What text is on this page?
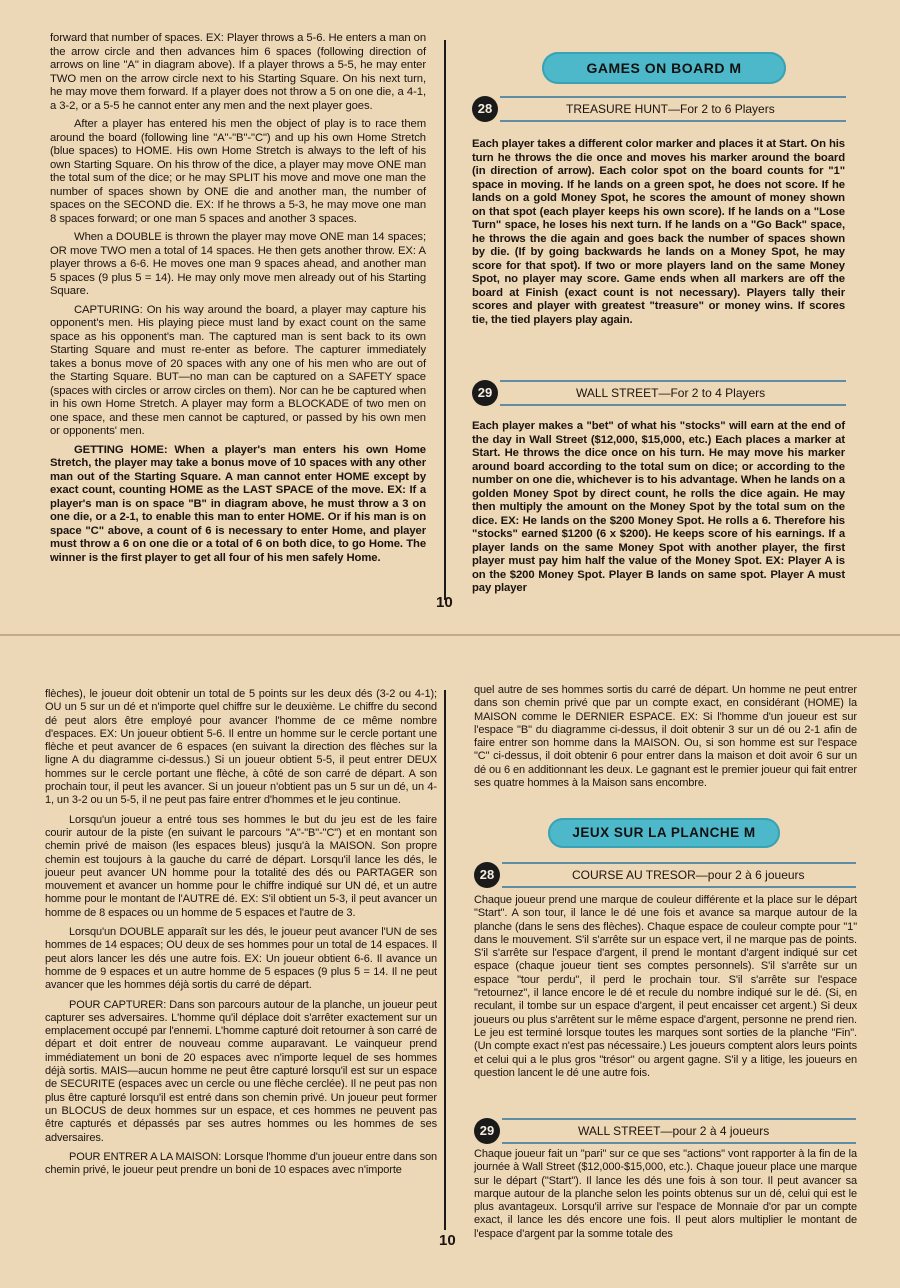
forward that number of spaces. EX: Player throws a 5-6. He enters a man on the arrow circle and then advances him 6 spaces (following direction of arrows on line "A" in diagram above). If a player throws a 5-5, he may enter TWO men on the arrow circle next to his Starting Square. On his next turn, he may move them forward. If a player does not throw a 5 on one die, a 4-1, a 3-2, or a 5-5 he cannot enter any men and the next player goes.

After a player has entered his men the object of play is to race them around the board (following line "A"-"B"-"C") and up his own Home Stretch (blue spaces) to HOME. His own Home Stretch is always to the left of his own Starting Square. On his throw of the dice, a player may move ONE man the total sum of the dice; or he may SPLIT his move and move one man the number of spaces shown by ONE die and another man, the number of spaces on the SECOND die. EX: If he throws a 5-3, he may move one man 8 spaces forward; or one man 5 spaces and another 3 spaces.

When a DOUBLE is thrown the player may move ONE man 14 spaces; OR move TWO men a total of 14 spaces. He then gets another throw. EX: A player throws a 6-6. He moves one man 9 spaces ahead, and another man 5 spaces (9 plus 5 = 14). He may only move men already out of his Starting Square.

CAPTURING: On his way around the board, a player may capture his opponent's men. His playing piece must land by exact count on the same space as his opponent's man. The captured man is sent back to its own Starting Square and must re-enter as before. The capturer immediately takes a bonus move of 20 spaces with any one of his men who are out of the Starting Square. BUT—no man can be captured on a SAFETY space (spaces with circles or arrow circles on them). Nor can he be captured when in his own Home Stretch. A player may form a BLOCKADE of two men on one space, and these men cannot be captured, or passed by his own men or opponents' men.

GETTING HOME: When a player's man enters his own Home Stretch, the player may take a bonus move of 10 spaces with any other man out of the Starting Square. A man cannot enter HOME except by exact count, counting HOME as the LAST SPACE of the move. EX: If a player's man is on space "B" in diagram above, he must throw a 3 on one die, or a 2-1, to enable this man to enter HOME. Or if his man is on space "C" above, a count of 6 is necessary to enter Home, and player must throw a 6 on one die or a total of 6 on both dice, to go Home. The winner is the first player to get all four of his men safely Home.

10
GAMES ON BOARD M
28	TREASURE HUNT—For 2 to 6 Players

Each player takes a different color marker and places it at Start. On his turn he throws the die once and moves his marker around the board (in direction of arrow). Each color spot on the board counts for "1" space in moving. If he lands on a green spot, he does not score. If he lands on a gold Money Spot, he scores the amount of money shown on that spot (each player keeps his own score). If he lands on a "Lose Turn" space, he loses his next turn. If he lands on a "Go Back" space, he throws the die again and goes back the number of spaces shown by die. (If by going backwards he lands on a Money Spot, he may score for that spot). If two or more players land on the same Money Spot, no player may score. Game ends when all markers are off the board at Finish (exact count is not necessary). Players tally their scores and player with greatest "treasure" or money wins. If scores tie, the tied players play again.

29	WALL STREET—For 2 to 4 Players

Each player makes a "bet" of what his "stocks" will earn at the end of the day in Wall Street ($12,000, $15,000, etc.) Each places a marker at Start. He throws the dice once on his turn. He may move his marker around board according to the total sum on dice; or according to the number on one die, whichever is to his advantage. When he lands on a golden Money Spot by direct count, he rolls the dice again. He may then multiply the amount on the Money Spot by the total sum on the dice. EX: He lands on the $200 Money Spot. He rolls a 6. Therefore his "stocks" earned $1200 (6 x $200). He keeps score of his earnings. If a player lands on the same Money Spot with another player, the first player must pay him half the value of the Money Spot. EX: Player A is on the $200 Money Spot. Player B lands on same spot. Player A must pay player

flèches), le joueur doit obtenir un total de 5 points sur les deux dés (3-2 ou 4-1); OU un 5 sur un dé et n'importe quel chiffre sur le deuxième. Le chiffre du second dé peut alors être employé pour avancer l'homme de ce même nombre d'espaces. EX: Un joueur obtient 5-6. Il entre un homme sur le cercle portant une flèche et peut avancer de 6 espaces (en suivant la direction des flèches sur la ligne A du diagramme ci-dessus.) Si un joueur obtient 5-5, il peut entrer DEUX hommes sur le cercle portant une flèche, à côté de son carré de départ. A son prochain tour, il peut les avancer. Si un joueur n'obtient pas un 5 sur un dé, un 4-1, un 3-2 ou un 5-5, il ne peut pas faire entrer d'hommes et le jeu continue.

Lorsqu'un joueur a entré tous ses hommes le but du jeu est de les faire courir autour de la piste (en suivant le parcours "A"-"B"-"C") et en montant son chemin privé de maison (les espaces bleus) jusqu'à la MAISON. Son propre chemin est toujours à la gauche du carré de départ. Lorsqu'il lance les dés, le joueur peut avancer UN homme pour la totalité des dés ou PARTAGER son mouvement et avancer un homme pour le chiffre indiqué sur UN dé, et un autre homme pour le montant de l'AUTRE dé. EX: S'il obtient un 5-3, il peut avancer un homme de 8 espaces ou un homme de 5 espaces et l'autre de 3.

Lorsqu'un DOUBLE apparaît sur les dés, le joueur peut avancer l'UN de ses hommes de 14 espaces; OU deux de ses hommes pour un total de 14 espaces. Il peut alors lancer les dés une autre fois. EX: Un joueur obtient 6-6. Il avance un homme de 9 espaces et un autre homme de 5 espaces (9 plus 5 = 14. Il ne peut avancer que les hommes déjà sortis du carré de départ.

POUR CAPTURER: Dans son parcours autour de la planche, un joueur peut capturer ses adversaires. L'homme qu'il déplace doit s'arrêter exactement sur un emplacement occupé par l'ennemi. L'homme capturé doit retourner à son carré de départ et doit entrer de nouveau comme auparavant. Le vainqueur prend immédiatement un boni de 20 espaces avec n'importe lequel de ses hommes déjà sortis. MAIS—aucun homme ne peut être capturé lorsqu'il est sur un espace de SECURITE (espaces avec un cercle ou une flèche cerclée). Il ne peut pas non plus être capturé lorsqu'il est entré dans son chemin privé. Un joueur peut former un BLOCUS de deux hommes sur un espace, et ces hommes ne peuvent pas être capturés et dépassés par ses autres hommes ou les hommes de ses adversaires.

POUR ENTRER A LA MAISON: Lorsque l'homme d'un joueur entre dans son chemin privé, le joueur peut prendre un boni de 10 espaces avec n'importe

10

quel autre de ses hommes sortis du carré de départ. Un homme ne peut entrer dans son chemin privé que par un compte exact, en considérant (HOME) la MAISON comme le DERNIER ESPACE. EX: Si l'homme d'un joueur est sur l'espace "B" du diagramme ci-dessus, il doit obtenir 3 sur un dé ou 2-1 afin de faire entrer son homme dans la MAISON. Ou, si son homme est sur l'espace "C" ci-dessus, il doit obtenir 6 pour entrer dans la maison et doit avoir 6 sur un dé ou 6 en additionnant les deux. Le gagnant est le premier joueur qui fait entrer ses quatre hommes à la Maison sans encombre.

JEUX SUR LA PLANCHE M
28	COURSE AU TRESOR—pour 2 à 6 joueurs

Chaque joueur prend une marque de couleur différente et la place sur le départ "Start". A son tour, il lance le dé une fois et avance sa marque autour de la planche (dans le sens des flèches). Chaque espace de couleur compte pour "1" dans le mouvement. S'il s'arrête sur un espace vert, il ne marque pas de points. S'il s'arrête sur l'espace d'argent, il prend le montant d'argent indiqué sur cet espace (chaque joueur tient ses comptes personnels). S'il s'arrête sur un espace "tour perdu", il perd le prochain tour. S'il s'arrête sur l'espace "retournez", il lance encore le dé et recule du nombre indiqué sur le dé. (Si, en reculant, il tombe sur un espace d'argent, il peut encaisser cet argent.) Si deux joueurs ou plus s'arrêtent sur le même espace d'argent, personne ne prend rien. Le jeu est terminé lorsque toutes les marques sont sorties de la planche "Fin". (Un compte exact n'est pas nécessaire.) Les joueurs comptent alors leurs points et celui qui a le plus gros "trésor" ou argent gagne. S'il y a litige, les joueurs en question lancent le dé une autre fois.

29	WALL STREET—pour 2 à 4 joueurs

Chaque joueur fait un "pari" sur ce que ses "actions" vont rapporter à la fin de la journée à Wall Street ($12,000-$15,000, etc.). Chaque joueur place une marque sur le départ ("Start"). Il lance les dés une fois à son tour. Il peut avancer sa marque autour de la planche selon les points obtenus sur un dé, celui qui est le plus avantageux. Lorsqu'il arrive sur l'espace de Monnaie d'or par un compte exact, il lance les dés encore une fois. Il peut alors multiplier le montant de l'espace d'argent par la somme totale des
